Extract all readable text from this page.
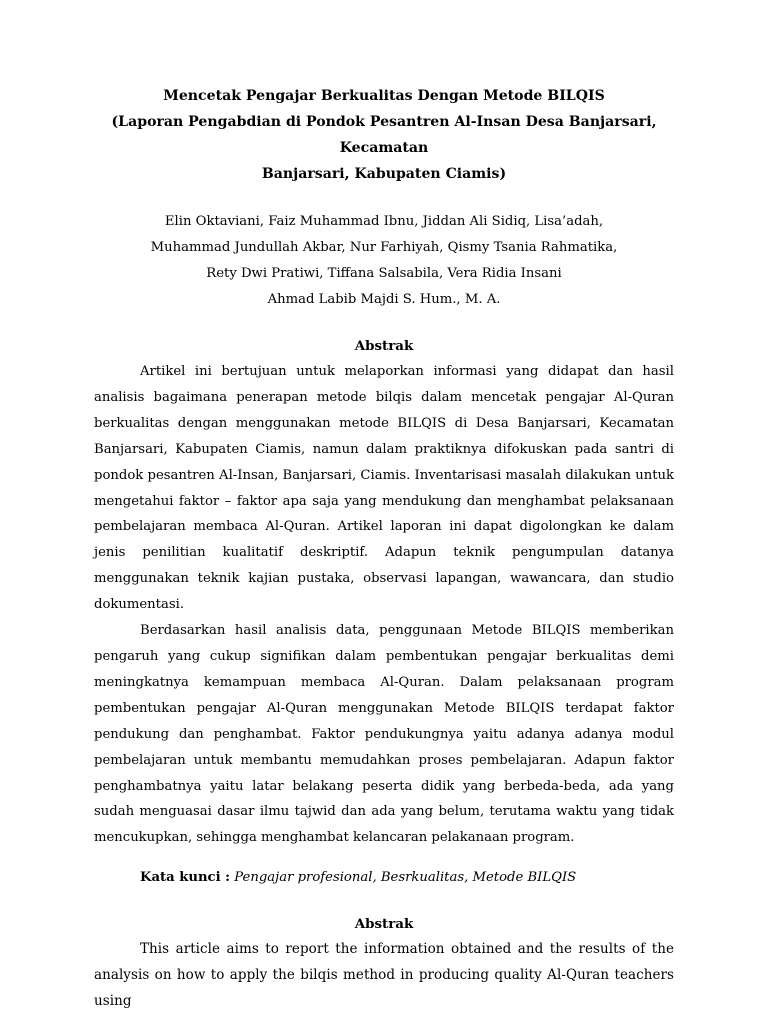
Mencetak Pengajar Berkualitas Dengan Metode BILQIS

(Laporan Pengabdian di Pondok Pesantren Al-Insan Desa Banjarsari, Kecamatan

Banjarsari, Kabupaten Ciamis)

Elin Oktaviani, Faiz Muhammad Ibnu, Jiddan Ali Sidiq, Lisa’adah,
Muhammad Jundullah Akbar, Nur Farhiyah, Qismy Tsania Rahmatika,
Rety Dwi Pratiwi, Tiffana Salsabila, Vera Ridia Insani
Ahmad Labib Majdi S. Hum., M. A.
Abstrak

Artikel ini bertujuan untuk melaporkan informasi yang didapat dan hasil analisis bagaimana penerapan metode bilqis dalam mencetak pengajar Al-Quran berkualitas dengan menggunakan metode BILQIS di Desa Banjarsari, Kecamatan Banjarsari, Kabupaten Ciamis, namun dalam praktiknya difokuskan pada santri di pondok pesantren Al-Insan, Banjarsari, Ciamis. Inventarisasi masalah dilakukan untuk mengetahui faktor – faktor apa saja yang mendukung dan menghambat pelaksanaan pembelajaran membaca Al-Quran. Artikel laporan ini dapat digolongkan ke dalam jenis penilitian kualitatif deskriptif. Adapun teknik pengumpulan datanya menggunakan teknik kajian pustaka, observasi lapangan, wawancara, dan studio dokumentasi.

Berdasarkan hasil analisis data, penggunaan Metode BILQIS memberikan pengaruh yang cukup signifikan dalam pembentukan pengajar berkualitas demi meningkatnya kemampuan membaca Al-Quran. Dalam pelaksanaan program pembentukan pengajar Al-Quran menggunakan Metode BILQIS terdapat faktor pendukung dan penghambat. Faktor pendukungnya yaitu adanya adanya modul pembelajaran untuk membantu memudahkan proses pembelajaran. Adapun faktor penghambatnya yaitu latar belakang peserta didik yang berbeda-beda, ada yang sudah menguasai dasar ilmu tajwid dan ada yang belum, terutama waktu yang tidak mencukupkan, sehingga menghambat kelancaran pelakanaan program.

Kata kunci : Pengajar profesional, Besrkualitas, Metode BILQIS
Abstrak

This article aims to report the information obtained and the results of the analysis on how to apply the bilqis method in producing quality Al-Quran teachers using
